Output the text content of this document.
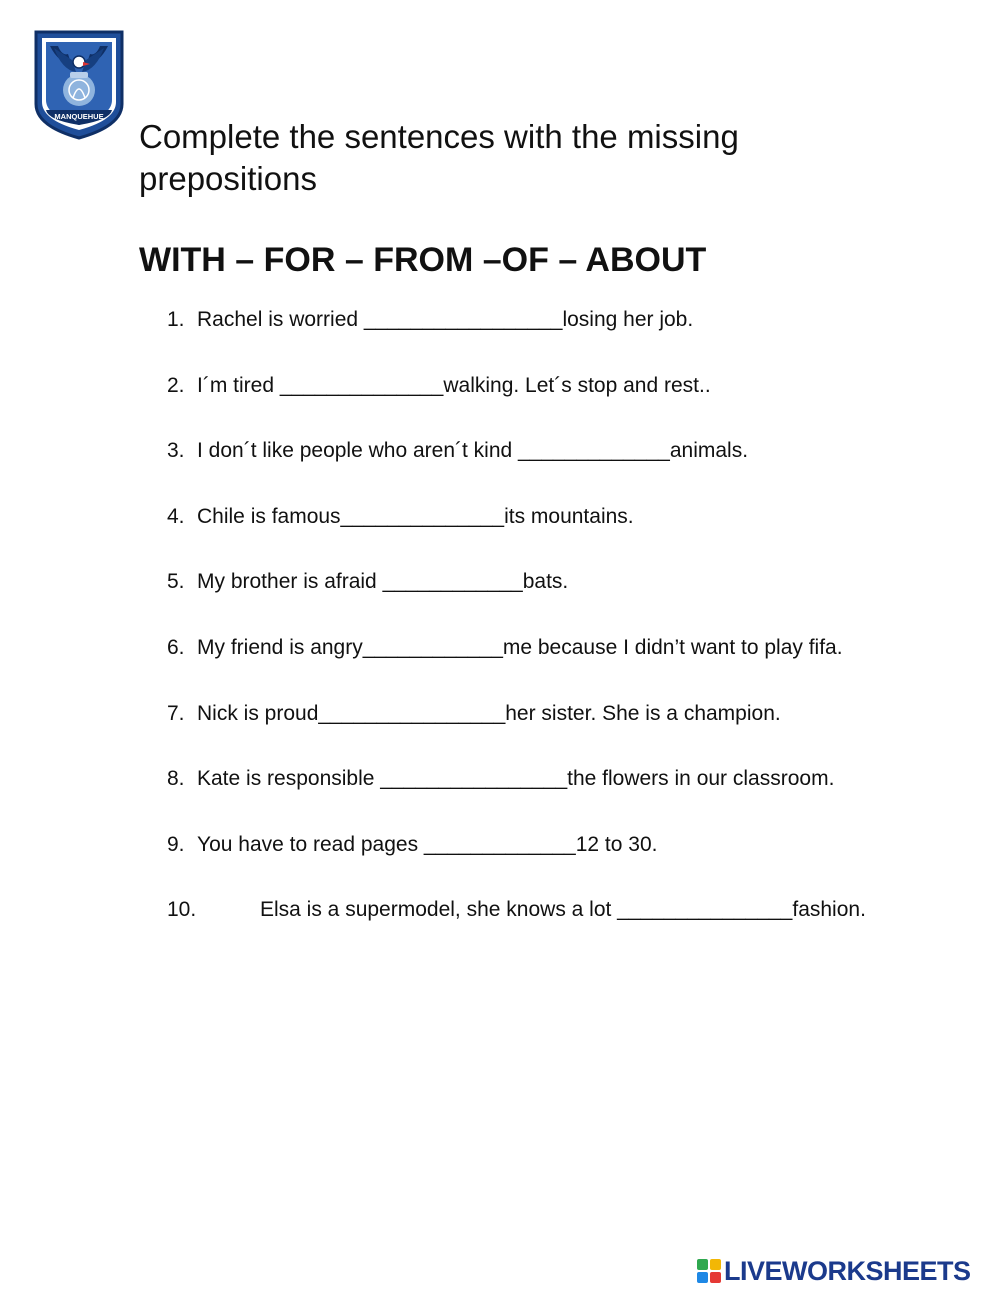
MANQUEHUE
Complete the sentences with the missing prepositions
WITH – FOR – FROM –OF – ABOUT
1. Rachel is worried _________________losing her job.
2. I´m tired ______________walking. Let´s stop and rest..
3. I don´t like people who aren´t kind _____________animals.
4. Chile is famous______________its mountains.
5. My brother is afraid ____________bats.
6. My friend is angry____________me because I didn’t want to play fifa.
7. Nick is proud________________her sister. She is a champion.
8. Kate is responsible ________________the flowers in our classroom.
9. You have to read pages _____________12 to 30.
10.	Elsa is a supermodel, she knows a lot _______________fashion.
LIVEWORKSHEETS
